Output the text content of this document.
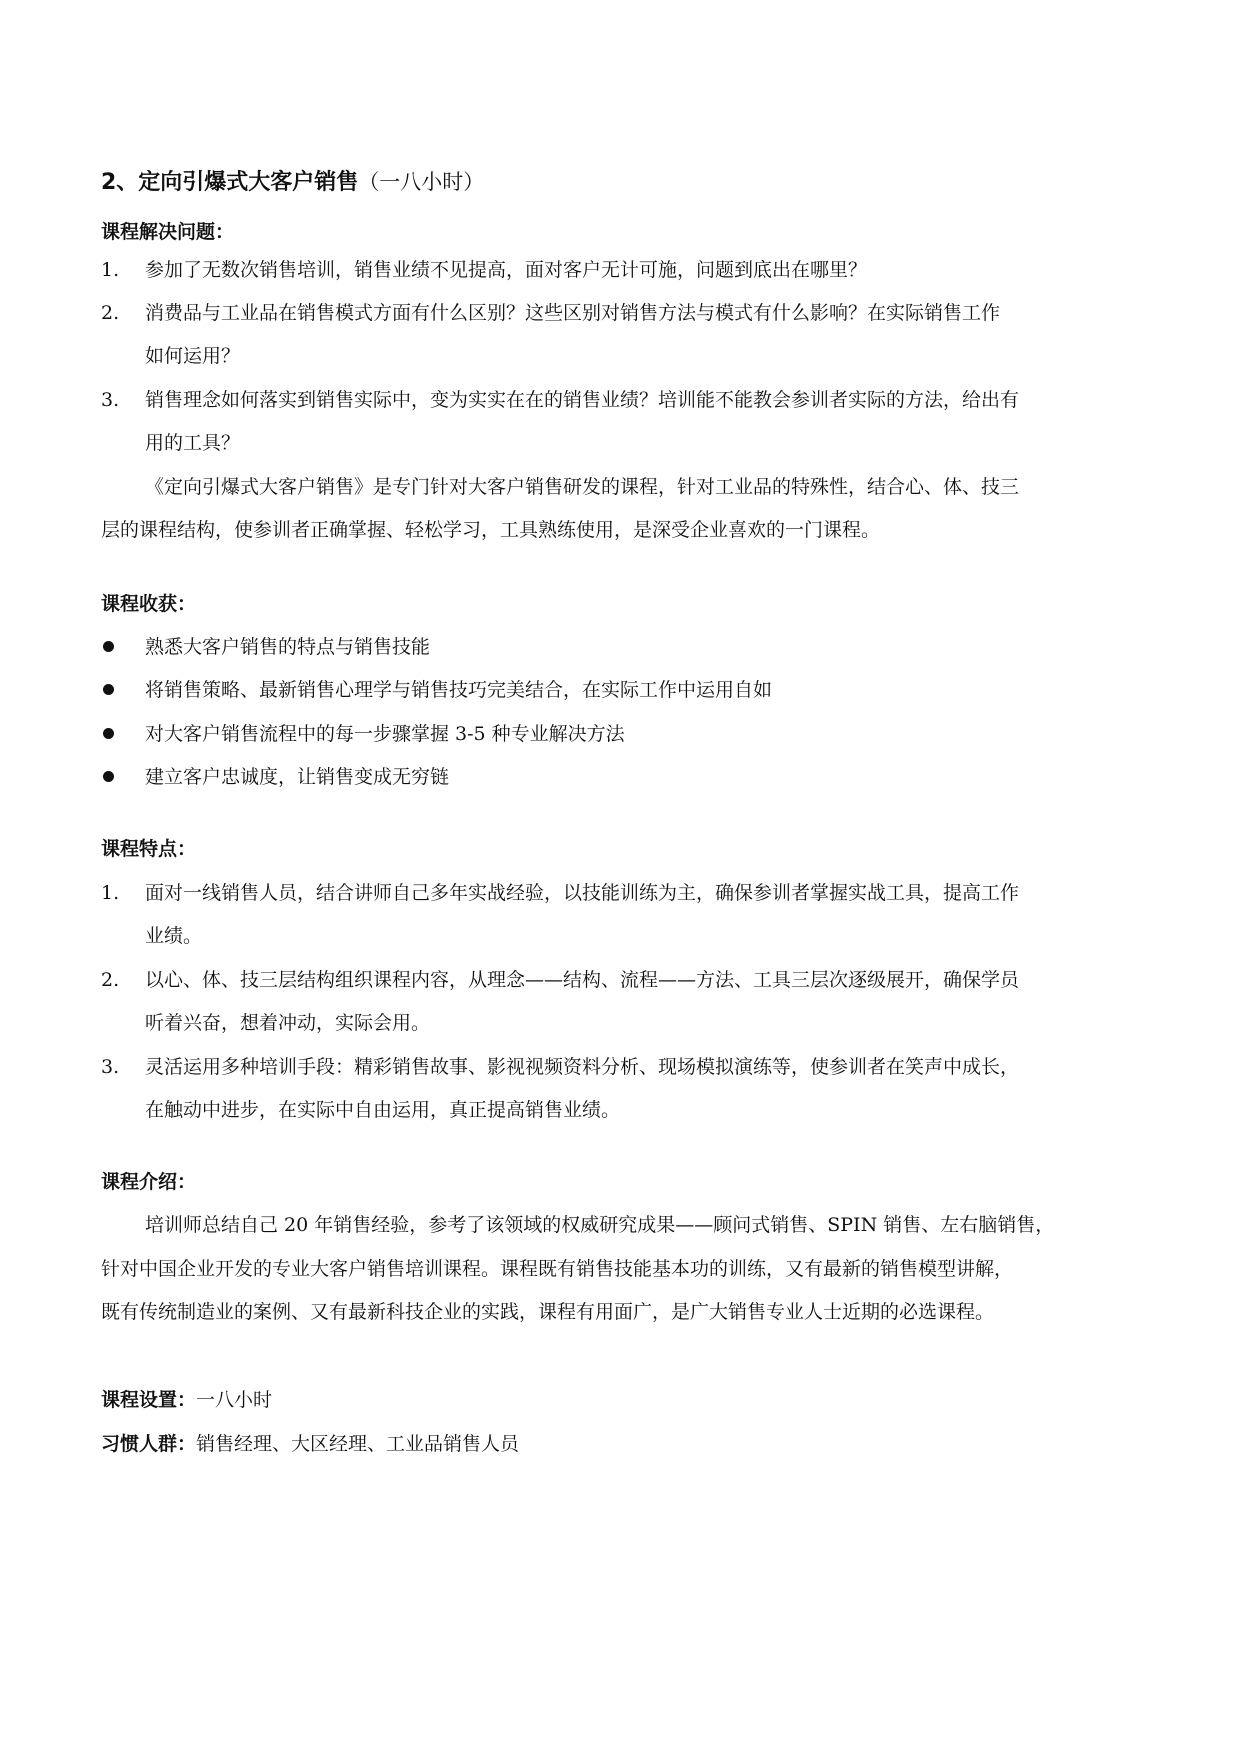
2、定向引爆式大客户销售（一八小时）
课程解决问题：
1. 参加了无数次销售培训，销售业绩不见提高，面对客户无计可施，问题到底出在哪里？
2. 消费品与工业品在销售模式方面有什么区别？这些区别对销售方法与模式有什么影响？在实际销售工作
如何运用？
3. 销售理念如何落实到销售实际中，变为实实在在的销售业绩？培训能不能教会参训者实际的方法，给出有
用的工具？
《定向引爆式大客户销售》是专门针对大客户销售研发的课程，针对工业品的特殊性，结合心、体、技三
层的课程结构，使参训者正确掌握、轻松学习，工具熟练使用，是深受企业喜欢的一门课程。
课程收获：
熟悉大客户销售的特点与销售技能
将销售策略、最新销售心理学与销售技巧完美结合，在实际工作中运用自如
对大客户销售流程中的每一步骤掌握 3-5 种专业解决方法
建立客户忠诚度，让销售变成无穷链
课程特点：
1. 面对一线销售人员，结合讲师自己多年实战经验，以技能训练为主，确保参训者掌握实战工具，提高工作
业绩。
2. 以心、体、技三层结构组织课程内容，从理念——结构、流程——方法、工具三层次逐级展开，确保学员
听着兴奋，想着冲动，实际会用。
3. 灵活运用多种培训手段：精彩销售故事、影视视频资料分析、现场模拟演练等，使参训者在笑声中成长，
在触动中进步，在实际中自由运用，真正提高销售业绩。
课程介绍：
培训师总结自己 20 年销售经验，参考了该领域的权威研究成果——顾问式销售、SPIN 销售、左右脑销售，
针对中国企业开发的专业大客户销售培训课程。课程既有销售技能基本功的训练，又有最新的销售模型讲解，
既有传统制造业的案例、又有最新科技企业的实践，课程有用面广，是广大销售专业人士近期的必选课程。
课程设置：一八小时
习惯人群：销售经理、大区经理、工业品销售人员
